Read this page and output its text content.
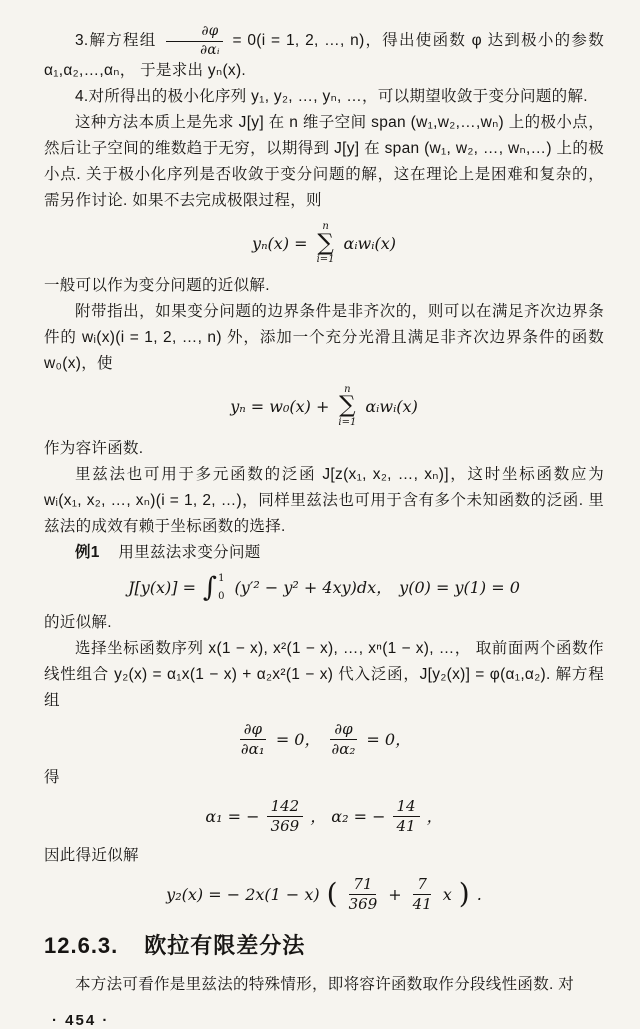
3.解方程组 $\frac{\partial\varphi}{\text{∂αᵢ}} = 0(i = 1$, 2, …, n)，得出使函数 φ 达到极小的参数 α₁,α₂,…,αₙ， 于是求出 yₙ(x).

4.对所得出的极小化序列 y₁, y₂, …, yₙ, …，可以期望收敛于变分问题的解.

这种方法本质上是先求 J[y] 在 n 维子空间 span (w₁,w₂,…,wₙ) 上的极小点，然后让子空间的维数趋于无穷，以期得到 J[y] 在 span (w₁, w₂, …, wₙ,…) 上的极小点. 关于极小化序列是否收敛于变分问题的解，这在理论上是困难和复杂的，需另作讨论. 如果不去完成极限过程，则

yₙ(x) =
n
∑
i=1
αᵢwᵢ(x)

一般可以作为变分问题的近似解.

附带指出，如果变分问题的边界条件是非齐次的，则可以在满足齐次边界条件的 wᵢ(x)(i = 1, 2, …, n) 外，添加一个充分光滑且满足非齐次边界条件的函数 w₀(x)，使

yₙ = w₀(x) +
n
∑
i=1
αᵢwᵢ(x)

作为容许函数.

里兹法也可用于多元函数的泛函 J[z(x₁, x₂, …, xₙ)]，这时坐标函数应为 wᵢ(x₁, x₂, …, xₙ)(i = 1, 2, …)，同样里兹法也可用于含有多个未知函数的泛函. 里兹法的成效有赖于坐标函数的选择.

例1 用里兹法求变分问题

J[y(x)] = ∫ 1
0 (y′² − y² + 4xy)dx， y(0) = y(1) = 0

的近似解.

选择坐标函数序列 x(1 − x), x²(1 − x), …, xⁿ(1 − x), …， 取前面两个函数作线性组合 y₂(x) = α₁x(1 − x) + α₂x²(1 − x) 代入泛函，J[y₂(x)] = φ(α₁,α₂). 解方程组

$\frac{\partial\varphi}{\text{∂α₁}} = 0$， $\frac{\partial\varphi}{\text{∂α₂}} = 0$，

得

α₁ = − $\frac{142}{369}$ ， α₂ = − $\frac{14}{41}$ ，

因此得近似解

y₂(x) = − 2x(1 − x) ( $\frac{71}{369} + \frac{7}{41}$ x ) .
12.6.3. 欧拉有限差分法

本方法可看作是里兹法的特殊情形，即将容许函数取作分段线性函数. 对

· 454 ·
